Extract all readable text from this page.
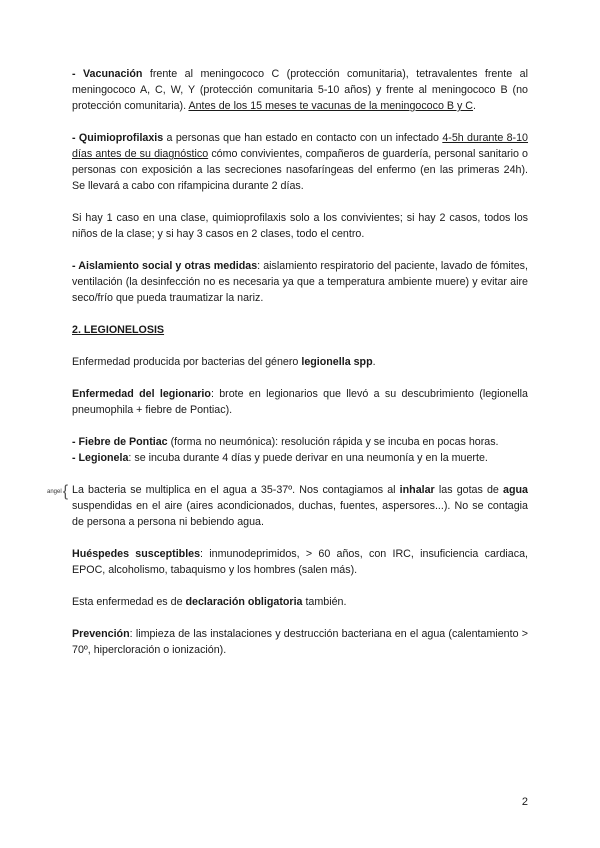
- Vacunación frente al meningococo C (protección comunitaria), tetravalentes frente al meningococo A, C, W, Y (protección comunitaria 5-10 años) y frente al meningococo B (no protección comunitaria). Antes de los 15 meses te vacunas de la meningococo B y C.

- Quimioprofilaxis a personas que han estado en contacto con un infectado 4-5h durante 8-10 días antes de su diagnóstico cómo convivientes, compañeros de guardería, personal sanitario o personas con exposición a las secreciones nasofaríngeas del enfermo (en las primeras 24h). Se llevará a cabo con rifampicina durante 2 días.

Si hay 1 caso en una clase, quimioprofilaxis solo a los convivientes; si hay 2 casos, todos los niños de la clase; y si hay 3 casos en 2 clases, todo el centro.

- Aislamiento social y otras medidas: aislamiento respiratorio del paciente, lavado de fómites, ventilación (la desinfección no es necesaria ya que a temperatura ambiente muere) y evitar aire seco/frío que pueda traumatizar la nariz.

2. LEGIONELOSIS

Enfermedad producida por bacterias del género legionella spp.

Enfermedad del legionario: brote en legionarios que llevó a su descubrimiento (legionella pneumophila + fiebre de Pontiac).

- Fiebre de Pontiac (forma no neumónica): resolución rápida y se incuba en pocas horas.

- Legionela: se incuba durante 4 días y puede derivar en una neumonía y en la muerte.

angel { La bacteria se multiplica en el agua a 35-37º. Nos contagiamos al inhalar las gotas de agua suspendidas en el aire (aires acondicionados, duchas, fuentes, aspersores...). No se contagia de persona a persona ni bebiendo agua.

Huéspedes susceptibles: inmunodeprimidos, > 60 años, con IRC, insuficiencia cardiaca, EPOC, alcoholismo, tabaquismo y los hombres (salen más).

Esta enfermedad es de declaración obligatoria también.

Prevención: limpieza de las instalaciones y destrucción bacteriana en el agua (calentamiento > 70º, hipercloración o ionización).

2
